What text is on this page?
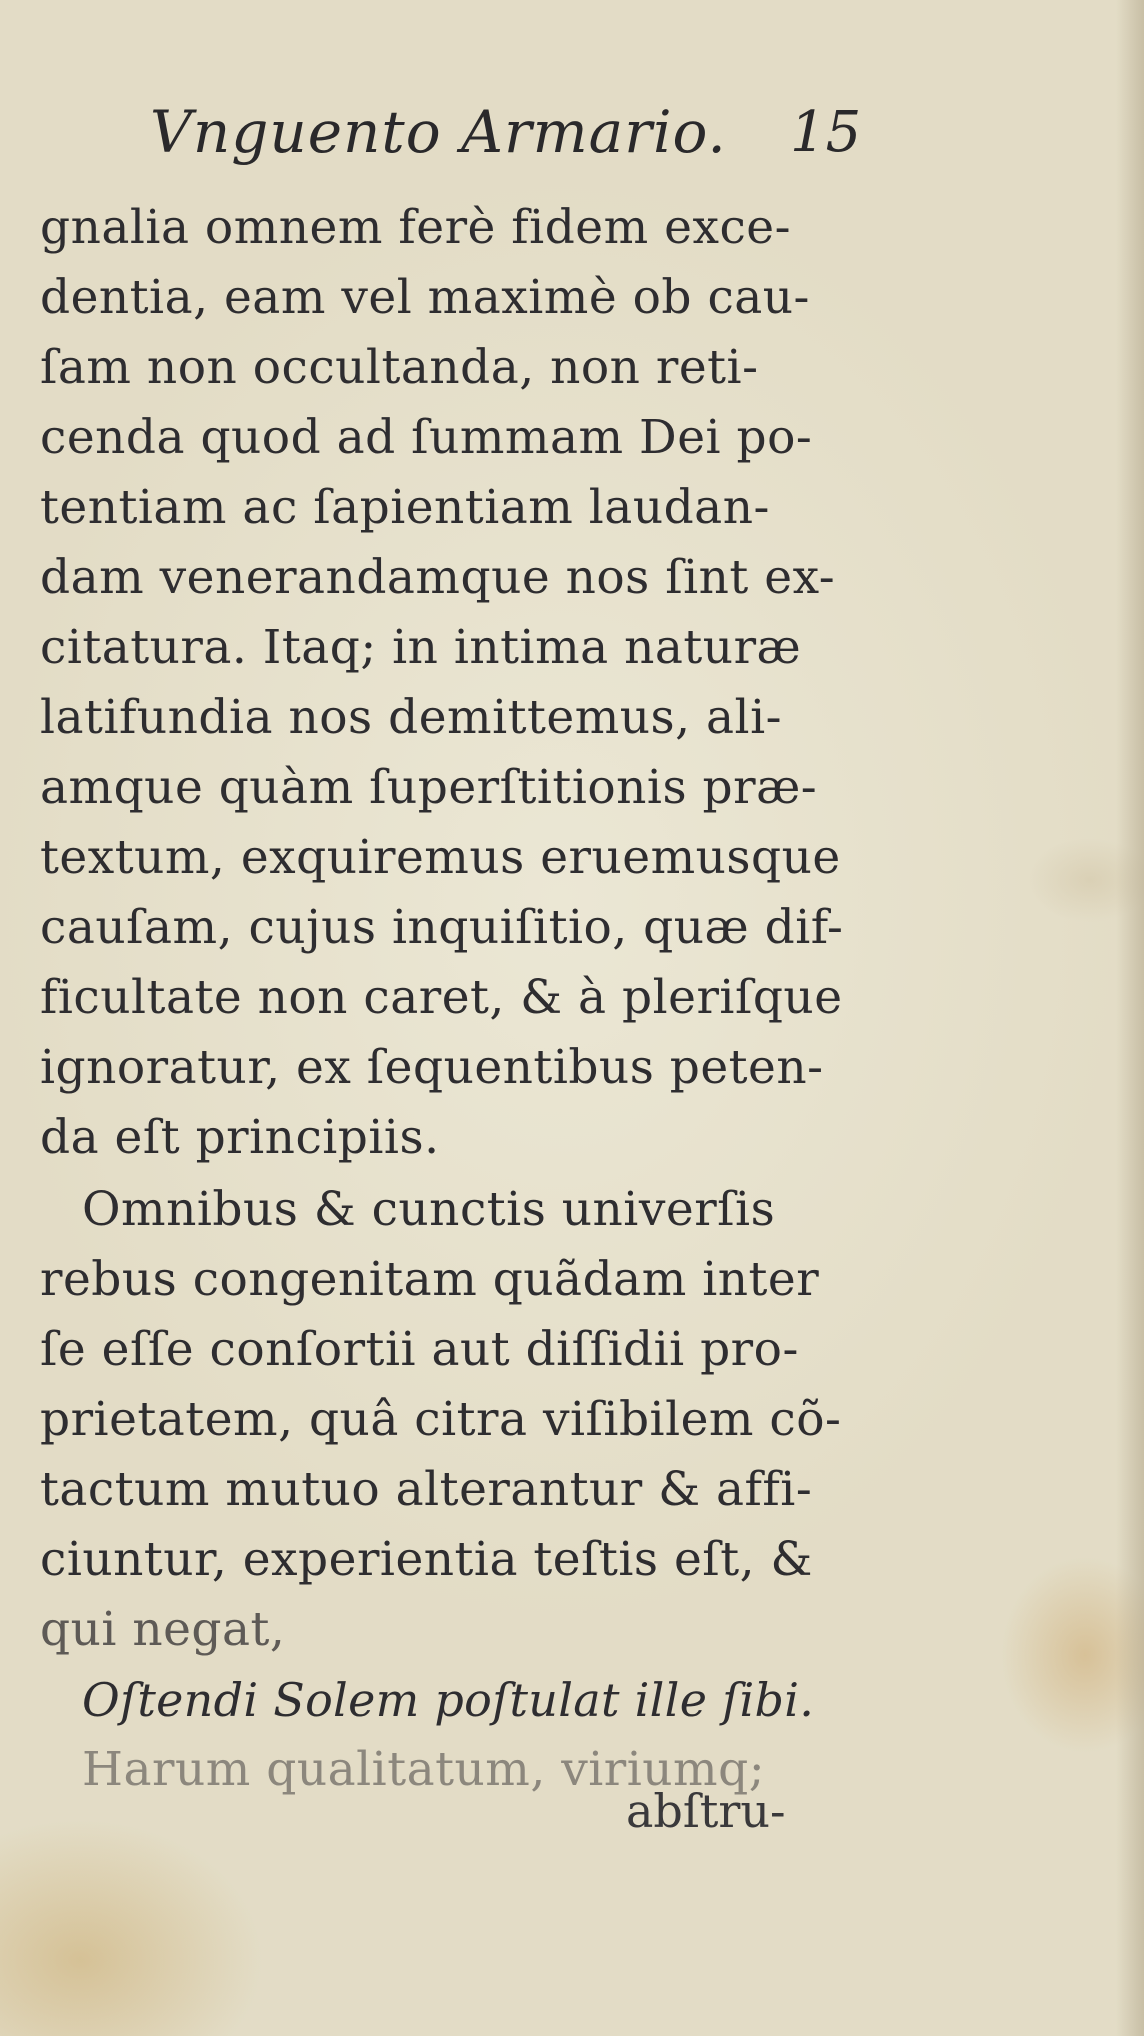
Vnguento Armario. 15
gnalia omnem ferè fidem exce-
dentia, eam vel maximè ob cau-
ſam non occultanda, non reti-
cenda quod ad ſummam Dei po-
tentiam ac ſapientiam laudan-
dam venerandamque nos ſint ex-
citatura. Itaq; in intima naturæ
latifundia nos demittemus, ali-
amque quàm ſuperſtitionis præ-
textum, exquiremus eruemusque
cauſam, cujus inquiſitio, quæ dif-
ficultate non caret, & à pleriſque
ignoratur, ex ſequentibus peten-
da eſt principiis.
Omnibus & cunctis univerſis
rebus congenitam quãdam inter
ſe eſſe conſortii aut diſſidii pro-
prietatem, quâ citra viſibilem cõ-
tactum mutuo alterantur & affi-
ciuntur, experientia teſtis eſt, &
qui negat,
Oſtendi Solem poſtulat ille ſibi.
Harum qualitatum, viriumq;
abſtru-
